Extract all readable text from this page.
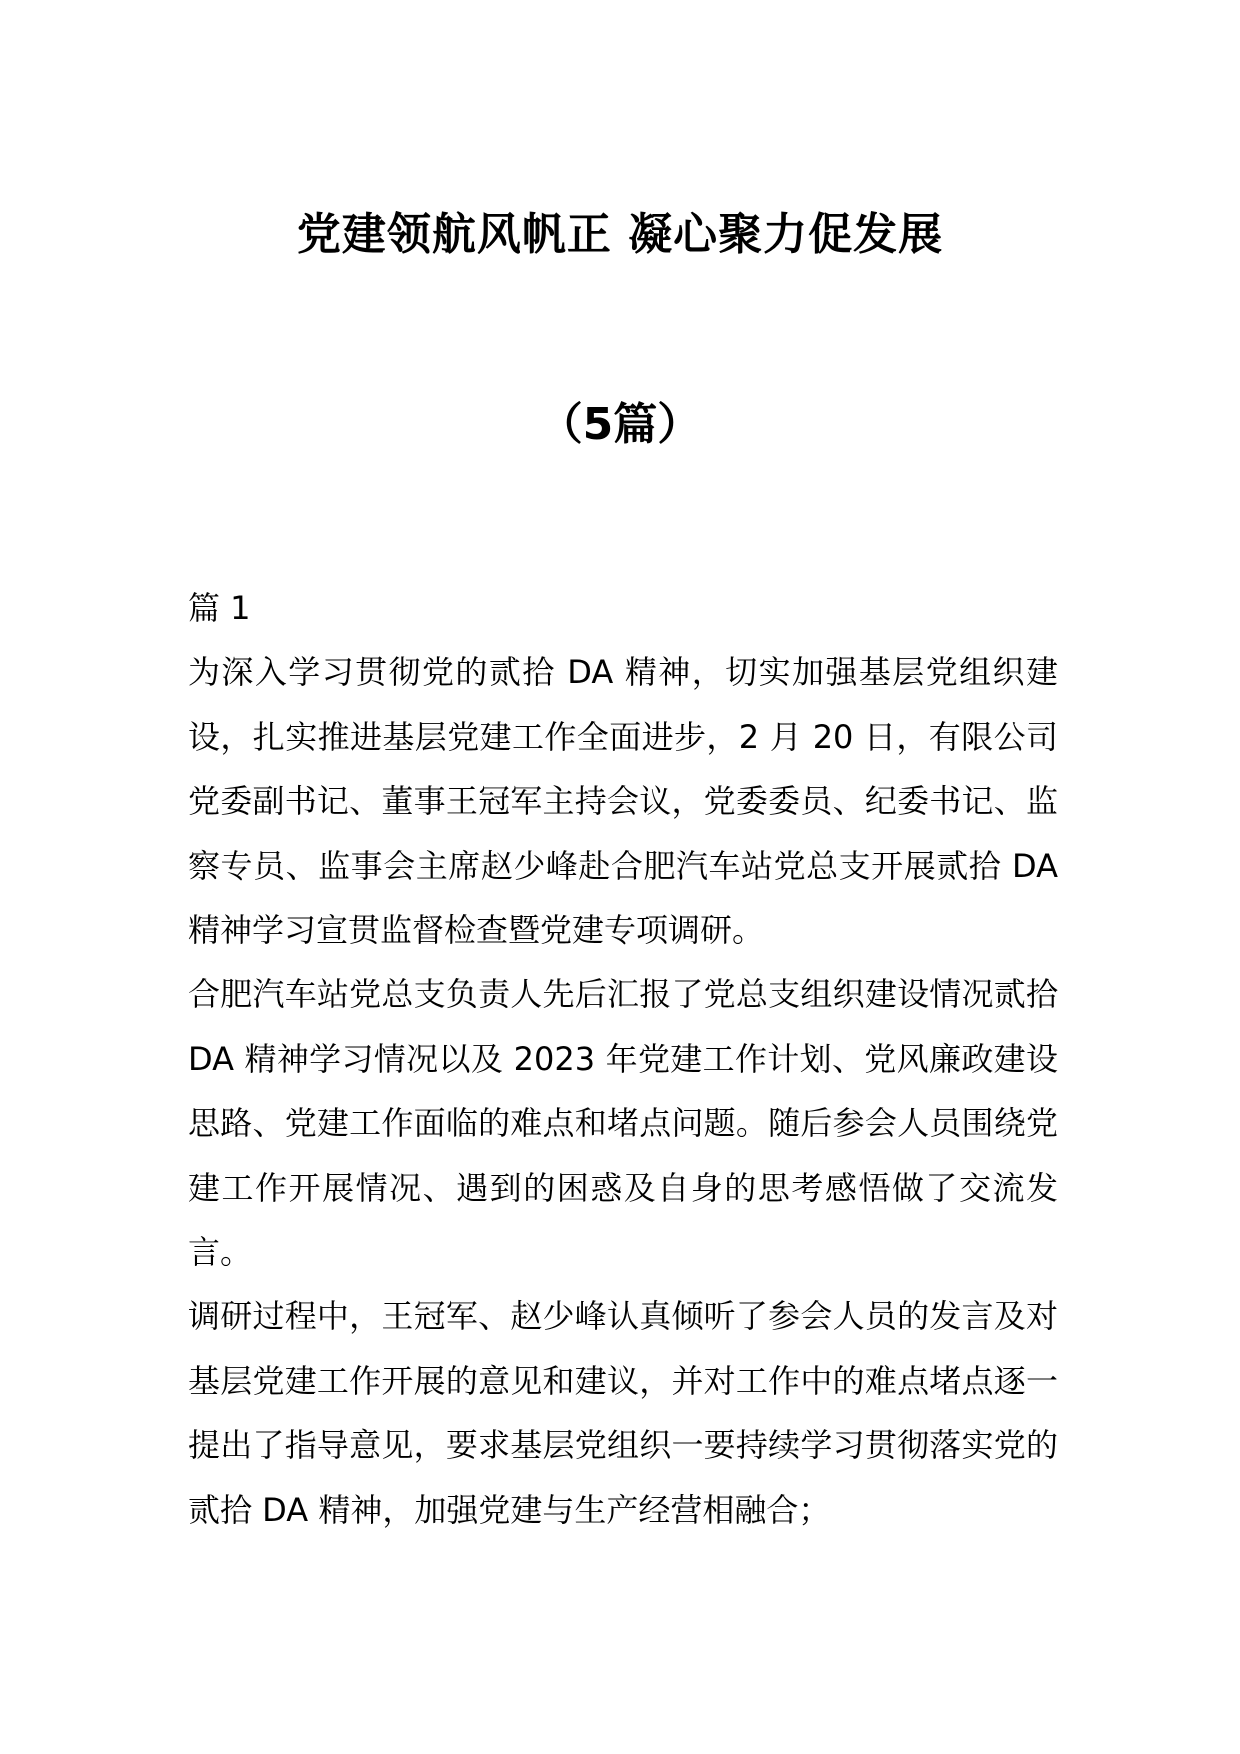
党建领航风帆正 凝心聚力促发展
（5篇）

篇 1

为深入学习贯彻党的贰拾 DA 精神，切实加强基层党组织建设，扎实推进基层党建工作全面进步，2 月 20 日，有限公司党委副书记、董事王冠军主持会议，党委委员、纪委书记、监察专员、监事会主席赵少峰赴合肥汽车站党总支开展贰拾 DA 精神学习宣贯监督检查暨党建专项调研。

合肥汽车站党总支负责人先后汇报了党总支组织建设情况贰拾 DA 精神学习情况以及 2023 年党建工作计划、党风廉政建设思路、党建工作面临的难点和堵点问题。随后参会人员围绕党建工作开展情况、遇到的困惑及自身的思考感悟做了交流发言。

调研过程中，王冠军、赵少峰认真倾听了参会人员的发言及对基层党建工作开展的意见和建议，并对工作中的难点堵点逐一提出了指导意见，要求基层党组织一要持续学习贯彻落实党的贰拾 DA 精神，加强党建与生产经营相融合；
